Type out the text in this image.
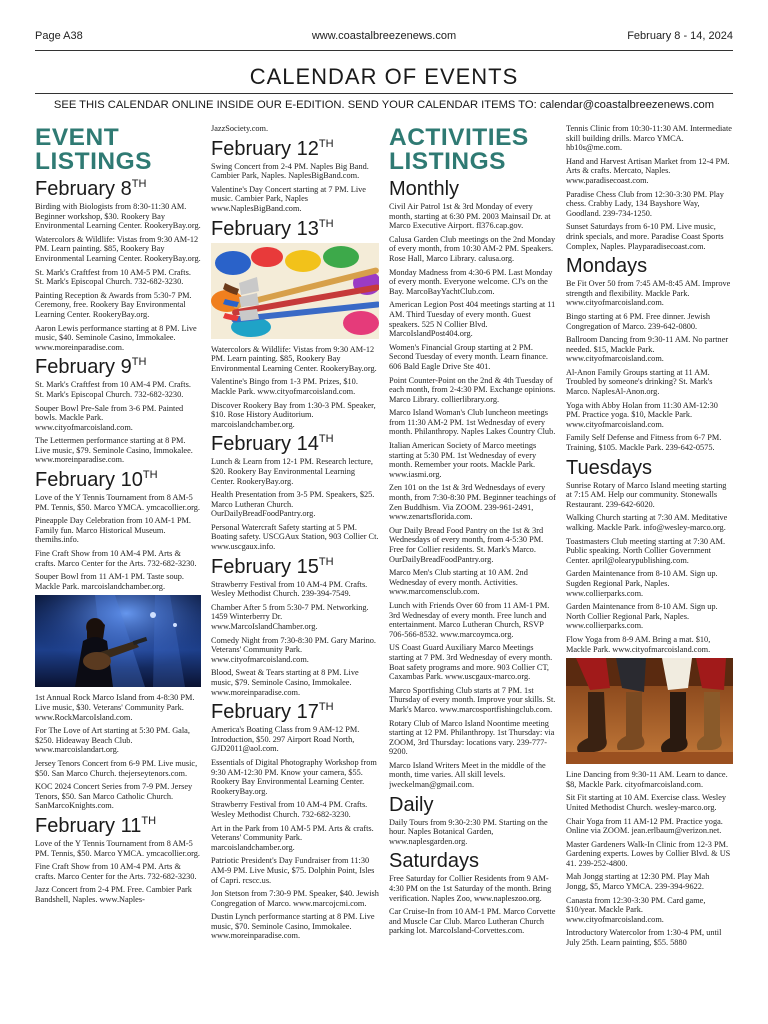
Page A38	www.coastalbreezenews.com	February 8 - 14, 2024
CALENDAR OF EVENTS
SEE THIS CALENDAR ONLINE INSIDE OUR E-EDITION. SEND YOUR CALENDAR ITEMS TO: calendar@coastalbreezenews.com
EVENT
LISTINGS
February 8TH
Birding with Biologists from 8:30-11:30 AM. Beginner workshop, $30. Rookery Bay Environmental Learning Center. RookeryBay.org.
Watercolors & Wildlife: Vistas from 9:30 AM-12 PM. Learn painting. $85, Rookery Bay Environmental Learning Center. RookeryBay.org.
St. Mark's Craftfest from 10 AM-5 PM. Crafts. St. Mark's Episcopal Church. 732-682-3230.
Painting Reception & Awards from 5:30-7 PM. Ceremony, free. Rookery Bay Environmental Learning Center. RookeryBay.org.
Aaron Lewis performance starting at 8 PM. Live music, $40. Seminole Casino, Immokalee. www.moreinparadise.com.
February 9TH
St. Mark's Craftfest from 10 AM-4 PM. Crafts. St. Mark's Episcopal Church. 732-682-3230.
Souper Bowl Pre-Sale from 3-6 PM. Painted bowls. Mackle Park. www.cityofmarcoisland.com.
The Lettermen performance starting at 8 PM. Live music, $79. Seminole Casino, Immokalee. www.moreinparadise.com.
February 10TH
Love of the Y Tennis Tournament from 8 AM-5 PM. Tennis, $50. Marco YMCA. ymcacollier.org.
Pineapple Day Celebration from 10 AM-1 PM. Family fun. Marco Historical Museum. themihs.info.
Fine Craft Show from 10 AM-4 PM. Arts & crafts. Marco Center for the Arts. 732-682-3230.
Souper Bowl from 11 AM-1 PM. Taste soup. Mackle Park. marcoislandchamber.org.
1st Annual Rock Marco Island from 4-8:30 PM. Live music, $30. Veterans' Community Park. www.RockMarcoIsland.com.
For The Love of Art starting at 5:30 PM. Gala, $250. Hideaway Beach Club. www.marcoislandart.org.
Jersey Tenors Concert from 6-9 PM. Live music, $50. San Marco Church. thejerseytenors.com.
KOC 2024 Concert Series from 7-9 PM. Jersey Tenors, $50. San Marco Catholic Church. SanMarcoKnights.com.
February 11TH
Love of the Y Tennis Tournament from 8 AM-5 PM. Tennis, $50. Marco YMCA. ymcacollier.org.
Fine Craft Show from 10 AM-4 PM. Arts & crafts. Marco Center for the Arts. 732-682-3230.
Jazz Concert from 2-4 PM. Free. Cambier Park Bandshell, Naples. www.Naples-
JazzSociety.com.
February 12TH
Swing Concert from 2-4 PM. Naples Big Band. Cambier Park, Naples. NaplesBigBand.com.
Valentine's Day Concert starting at 7 PM. Live music. Cambier Park, Naples www.NaplesBigBand.com.
February 13TH
Watercolors & Wildlife: Vistas from 9:30 AM-12 PM. Learn painting. $85, Rookery Bay Environmental Learning Center. RookeryBay.org.
Valentine's Bingo from 1-3 PM. Prizes, $10. Mackle Park. www.cityofmarcoisland.com.
Discover Rookery Bay from 1:30-3 PM. Speaker, $10. Rose History Auditorium. marcoislandchamber.org.
February 14TH
Lunch & Learn from 12-1 PM. Research lecture, $20. Rookery Bay Environmental Learning Center. RookeryBay.org.
Health Presentation from 3-5 PM. Speakers, $25. Marco Lutheran Church. OurDailyBreadFoodPantry.org.
Personal Watercraft Safety starting at 5 PM. Boating safety. USCGAux Station, 903 Collier Ct. www.uscgaux.info.
February 15TH
Strawberry Festival from 10 AM-4 PM. Crafts. Wesley Methodist Church. 239-394-7549.
Chamber After 5 from 5:30-7 PM. Networking. 1459 Winterberry Dr. www.MarcoIslandChamber.org.
Comedy Night from 7:30-8:30 PM. Gary Marino. Veterans' Community Park. www.cityofmarcoisland.com.
Blood, Sweat & Tears starting at 8 PM. Live music, $79. Seminole Casino, Immokalee. www.moreinparadise.com.
February 17TH
America's Boating Class from 9 AM-12 PM. Introduction, $50. 297 Airport Road North, GJD2011@aol.com.
Essentials of Digital Photography Workshop from 9:30 AM-12:30 PM. Know your camera, $55. Rookery Bay Environmental Learning Center. RookeryBay.org.
Strawberry Festival from 10 AM-4 PM. Crafts. Wesley Methodist Church. 732-682-3230.
Art in the Park from 10 AM-5 PM. Arts & crafts. Veterans' Community Park. marcoislandchamber.org.
Patriotic President's Day Fundraiser from 11:30 AM-9 PM. Live Music, $75. Dolphin Point, Isles of Capri. rcscc.us.
Jon Stetson from 7:30-9 PM. Speaker, $40. Jewish Congregation of Marco. www.marcojcmi.com.
Dustin Lynch performance starting at 8 PM. Live music, $70. Seminole Casino, Immokalee. www.moreinparadise.com.
ACTIVITIES
LISTINGS
Monthly
Civil Air Patrol 1st & 3rd Monday of every month, starting at 6:30 PM. 2003 Mainsail Dr. at Marco Executive Airport. fl376.cap.gov.
Calusa Garden Club meetings on the 2nd Monday of every month, from 10:30 AM-2 PM. Speakers. Rose Hall, Marco Library. calusa.org.
Monday Madness from 4:30-6 PM. Last Monday of every month. Everyone welcome. CJ's on the Bay. MarcoBayYachtClub.com.
American Legion Post 404 meetings starting at 11 AM. Third Tuesday of every month. Guest speakers. 525 N Collier Blvd. MarcoIslandPost404.org.
Women's Financial Group starting at 2 PM. Second Tuesday of every month. Learn finance. 606 Bald Eagle Drive Ste 401.
Point Counter-Point on the 2nd & 4th Tuesday of each month, from 2-4:30 PM. Exchange opinions. Marco Library. collierlibrary.org.
Marco Island Woman's Club luncheon meetings from 11:30 AM-2 PM. 1st Wednesday of every month. Philanthropy. Naples Lakes Country Club.
Italian American Society of Marco meetings starting at 5:30 PM. 1st Wednesday of every month. Remember your roots. Mackle Park. www.iasmi.org.
Zen 101 on the 1st & 3rd Wednesdays of every month, from 7:30-8:30 PM. Beginner teachings of Zen Buddhism. Via ZOOM. 239-961-2491, www.zenartsflorida.com.
Our Daily Bread Food Pantry on the 1st & 3rd Wednesdays of every month, from 4-5:30 PM. Free for Collier residents. St. Mark's Marco. OurDailyBreadFoodPantry.org.
Marco Men's Club starting at 10 AM. 2nd Wednesday of every month. Activities. www.marcomensclub.com.
Lunch with Friends Over 60 from 11 AM-1 PM. 3rd Wednesday of every month. Free lunch and entertainment. Marco Lutheran Church, RSVP 706-566-8532. www.marcoymca.org.
US Coast Guard Auxiliary Marco Meetings starting at 7 PM. 3rd Wednesday of every month. Boat safety programs and more. 903 Collier CT, Caxambas Park. www.uscgaux-marco.org.
Marco Sportfishing Club starts at 7 PM. 1st Thursday of every month. Improve your skills. St. Mark's Marco. www.marcosportfishingclub.com.
Rotary Club of Marco Island Noontime meeting starting at 12 PM. Philanthropy. 1st Thursday: via ZOOM, 3rd Thursday: locations vary. 239-777-9200.
Marco Island Writers Meet in the middle of the month, time varies. All skill levels. jweckelman@gmail.com.
Daily
Daily Tours from 9:30-2:30 PM. Starting on the hour. Naples Botanical Garden, www.naplesgarden.org.
Saturdays
Free Saturday for Collier Residents from 9 AM-4:30 PM on the 1st Saturday of the month. Bring verification. Naples Zoo, www.napleszoo.org.
Car Cruise-In from 10 AM-1 PM. Marco Corvette and Muscle Car Club. Marco Lutheran Church parking lot. MarcoIsland-Corvettes.com.
Tennis Clinic from 10:30-11:30 AM. Intermediate skill building drills. Marco YMCA. hb10s@me.com.
Hand and Harvest Artisan Market from 12-4 PM. Arts & crafts. Mercato, Naples. www.paradisecoast.com.
Paradise Chess Club from 12:30-3:30 PM. Play chess. Crabby Lady, 134 Bayshore Way, Goodland. 239-734-1250.
Sunset Saturdays from 6-10 PM. Live music, drink specials, and more. Paradise Coast Sports Complex, Naples. Playparadisecoast.com.
Mondays
Be Fit Over 50 from 7:45 AM-8:45 AM. Improve strength and flexibility. Mackle Park. www.cityofmarcoisland.com.
Bingo starting at 6 PM. Free dinner. Jewish Congregation of Marco. 239-642-0800.
Ballroom Dancing from 9:30-11 AM. No partner needed. $15, Mackle Park. www.cityofmarcoisland.com.
Al-Anon Family Groups starting at 11 AM. Troubled by someone's drinking? St. Mark's Marco. NaplesAl-Anon.org.
Yoga with Abby Holan from 11:30 AM-12:30 PM. Practice yoga. $10, Mackle Park. www.cityofmarcoisland.com.
Family Self Defense and Fitness from 6-7 PM. Training, $105. Mackle Park. 239-642-0575.
Tuesdays
Sunrise Rotary of Marco Island meeting starting at 7:15 AM. Help our community. Stonewalls Restaurant. 239-642-6020.
Walking Church starting at 7:30 AM. Meditative walking. Mackle Park. info@wesley-marco.org.
Toastmasters Club meeting starting at 7:30 AM. Public speaking. North Collier Government Center. april@olearypublishing.com.
Garden Maintenance from 8-10 AM. Sign up. Sugden Regional Park, Naples. www.collierparks.com.
Garden Maintenance from 8-10 AM. Sign up. North Collier Regional Park, Naples. www.collierparks.com.
Flow Yoga from 8-9 AM. Bring a mat. $10, Mackle Park. www.cityofmarcoisland.com.
Line Dancing from 9:30-11 AM. Learn to dance. $8, Mackle Park. cityofmarcoisland.com.
Sit Fit starting at 10 AM. Exercise class. Wesley United Methodist Church. wesley-marco.org.
Chair Yoga from 11 AM-12 PM. Practice yoga. Online via ZOOM. jean.erlbaum@verizon.net.
Master Gardeners Walk-In Clinic from 12-3 PM. Gardening experts. Lowes by Collier Blvd. & US 41. 239-252-4800.
Mah Jongg starting at 12:30 PM. Play Mah Jongg, $5, Marco YMCA. 239-394-9622.
Canasta from 12:30-3:30 PM. Card game, $10/year. Mackle Park. www.cityofmarcoisland.com.
Introductory Watercolor from 1:30-4 PM, until July 25th. Learn painting, $55. 5880
